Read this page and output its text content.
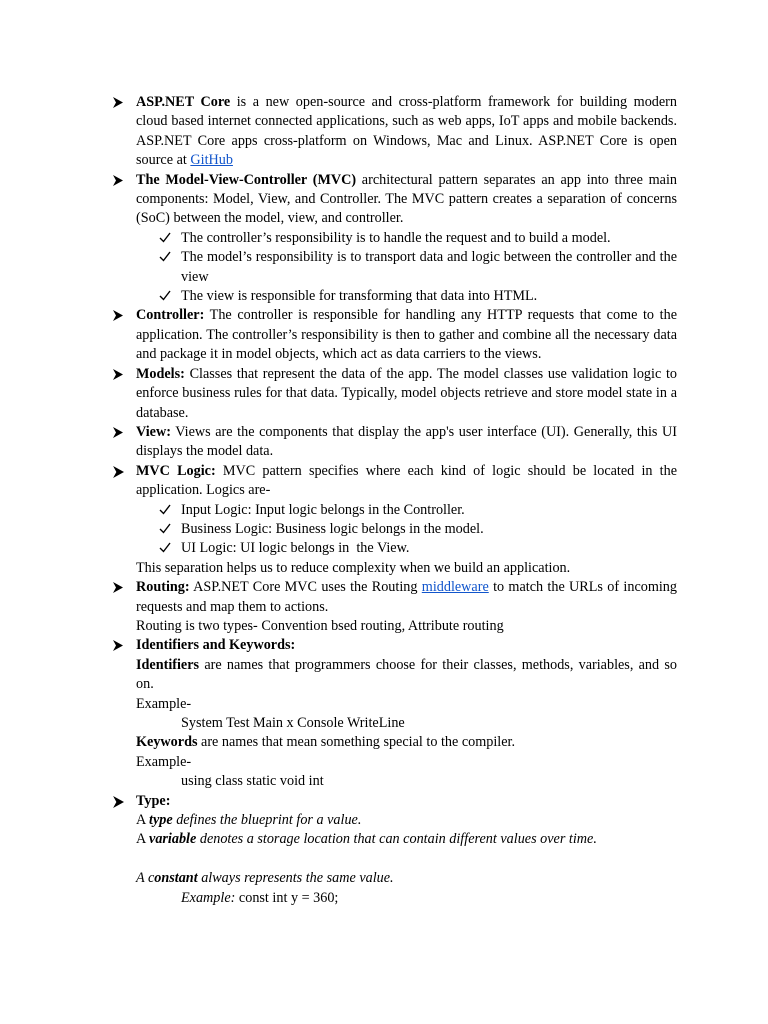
ASP.NET Core is a new open-source and cross-platform framework for building modern cloud based internet connected applications, such as web apps, IoT apps and mobile backends. ASP.NET Core apps cross-platform on Windows, Mac and Linux. ASP.NET Core is open source at GitHub
The Model-View-Controller (MVC) architectural pattern separates an app into three main components: Model, View, and Controller. The MVC pattern creates a separation of concerns (SoC) between the model, view, and controller.
The controller’s responsibility is to handle the request and to build a model.
The model’s responsibility is to transport data and logic between the controller and the view
The view is responsible for transforming that data into HTML.
Controller: The controller is responsible for handling any HTTP requests that come to the application. The controller’s responsibility is then to gather and combine all the necessary data and package it in model objects, which act as data carriers to the views.
Models: Classes that represent the data of the app. The model classes use validation logic to enforce business rules for that data. Typically, model objects retrieve and store model state in a database.
View: Views are the components that display the app's user interface (UI). Generally, this UI displays the model data.
MVC Logic: MVC pattern specifies where each kind of logic should be located in the application. Logics are-
Input Logic: Input logic belongs in the Controller.
Business Logic: Business logic belongs in the model.
UI Logic: UI logic belongs in  the View.
This separation helps us to reduce complexity when we build an application.
Routing: ASP.NET Core MVC uses the Routing middleware to match the URLs of incoming requests and map them to actions.
Routing is two types- Convention bsed routing, Attribute routing
Identifiers and Keywords:
Identifiers are names that programmers choose for their classes, methods, variables, and so on.
Example-
System Test Main x Console WriteLine
Keywords are names that mean something special to the compiler.
Example-
using class static void int
Type:
A type defines the blueprint for a value.
A variable denotes a storage location that can contain different values over time.
A constant always represents the same value.
Example: const int y = 360;
